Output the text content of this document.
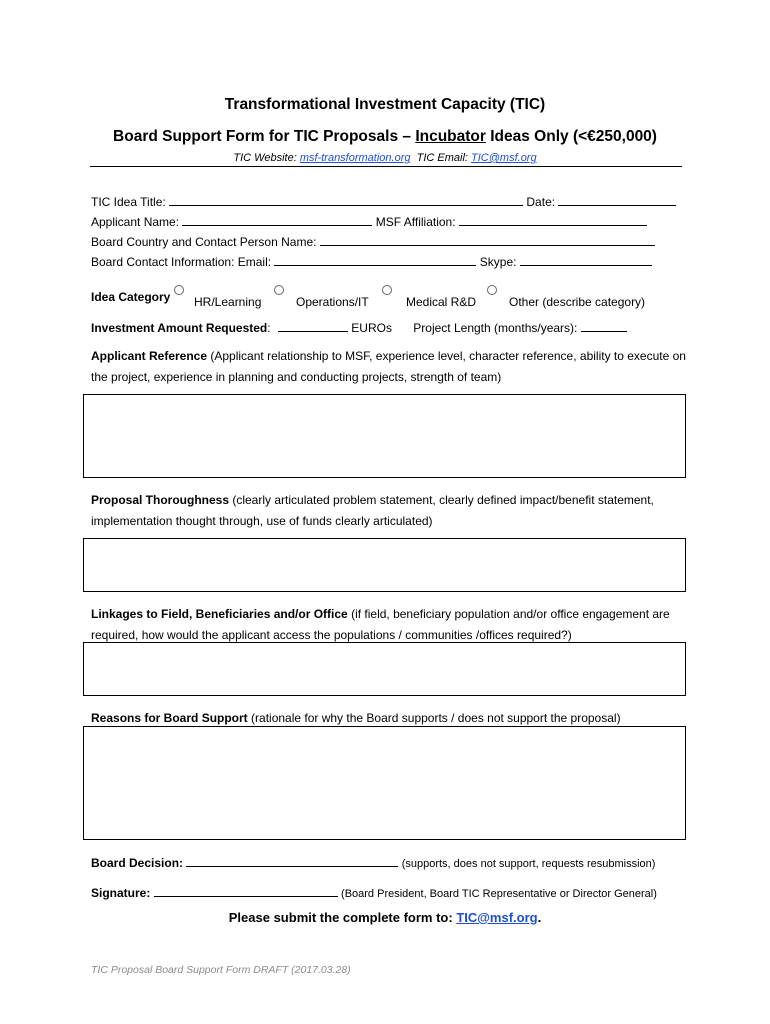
Transformational Investment Capacity (TIC)
Board Support Form for TIC Proposals – Incubator Ideas Only (<€250,000)
TIC Website: msf-transformation.org TIC Email: TIC@msf.org
TIC Idea Title:	Date:
Applicant Name:	MSF Affiliation:
Board Country and Contact Person Name:
Board Contact Information: Email:	Skype:
Idea Category	HR/Learning	Operations/IT	Medical R&D	Other (describe category)
Investment Amount Requested:	EUROs Project Length (months/years):
Applicant Reference (Applicant relationship to MSF, experience level, character reference, ability to execute on the project, experience in planning and conducting projects, strength of team)
Proposal Thoroughness (clearly articulated problem statement, clearly defined impact/benefit statement, implementation thought through, use of funds clearly articulated)
Linkages to Field, Beneficiaries and/or Office (if field, beneficiary population and/or office engagement are required, how would the applicant access the populations / communities /offices required?)
Reasons for Board Support (rationale for why the Board supports / does not support the proposal)
Board Decision:	(supports, does not support, requests resubmission)
Signature:	(Board President, Board TIC Representative or Director General)
Please submit the complete form to: TIC@msf.org.
TIC Proposal Board Support Form DRAFT (2017.03.28)
